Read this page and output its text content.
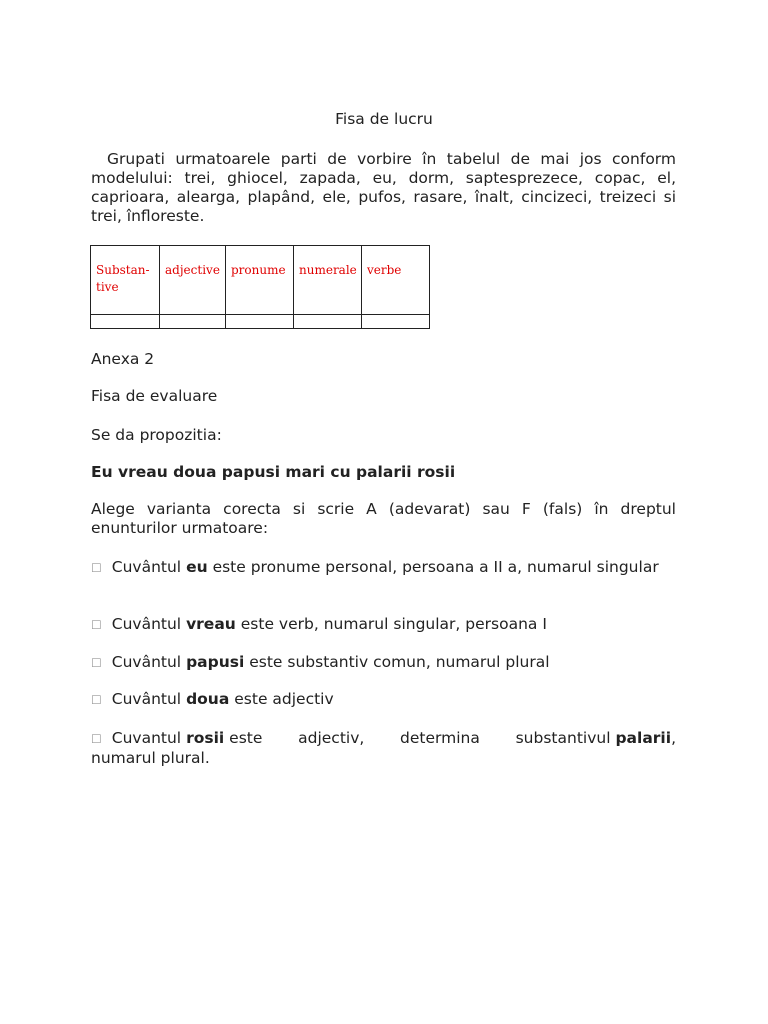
Fisa de lucru

Grupati urmatoarele parti de vorbire în tabelul de mai jos conform modelului: trei, ghiocel, zapada, eu, dorm, saptesprezece, copac, el, caprioara, alearga, plapând, ele, pufos, rasare, înalt, cincizeci, treizeci si trei, înfloreste.

Substan-
tive	adjective	pronume	numerale	verbe

Anexa 2
Fisa de evaluare
Se da propozitia:
Eu vreau doua papusi mari cu palarii rosii
Alege varianta corecta si scrie A (adevarat) sau F (fals) în dreptul enunturilor urmatoare:
☐ Cuvântul eu este pronume personal, persoana a II a, numarul singular
☐ Cuvântul vreau este verb, numarul singular, persoana I
☐ Cuvântul papusi este substantiv comun, numarul plural
☐ Cuvântul doua este adjectiv
☐ Cuvantul rosii este adjectiv, determina substantivul palarii,
numarul plural.
